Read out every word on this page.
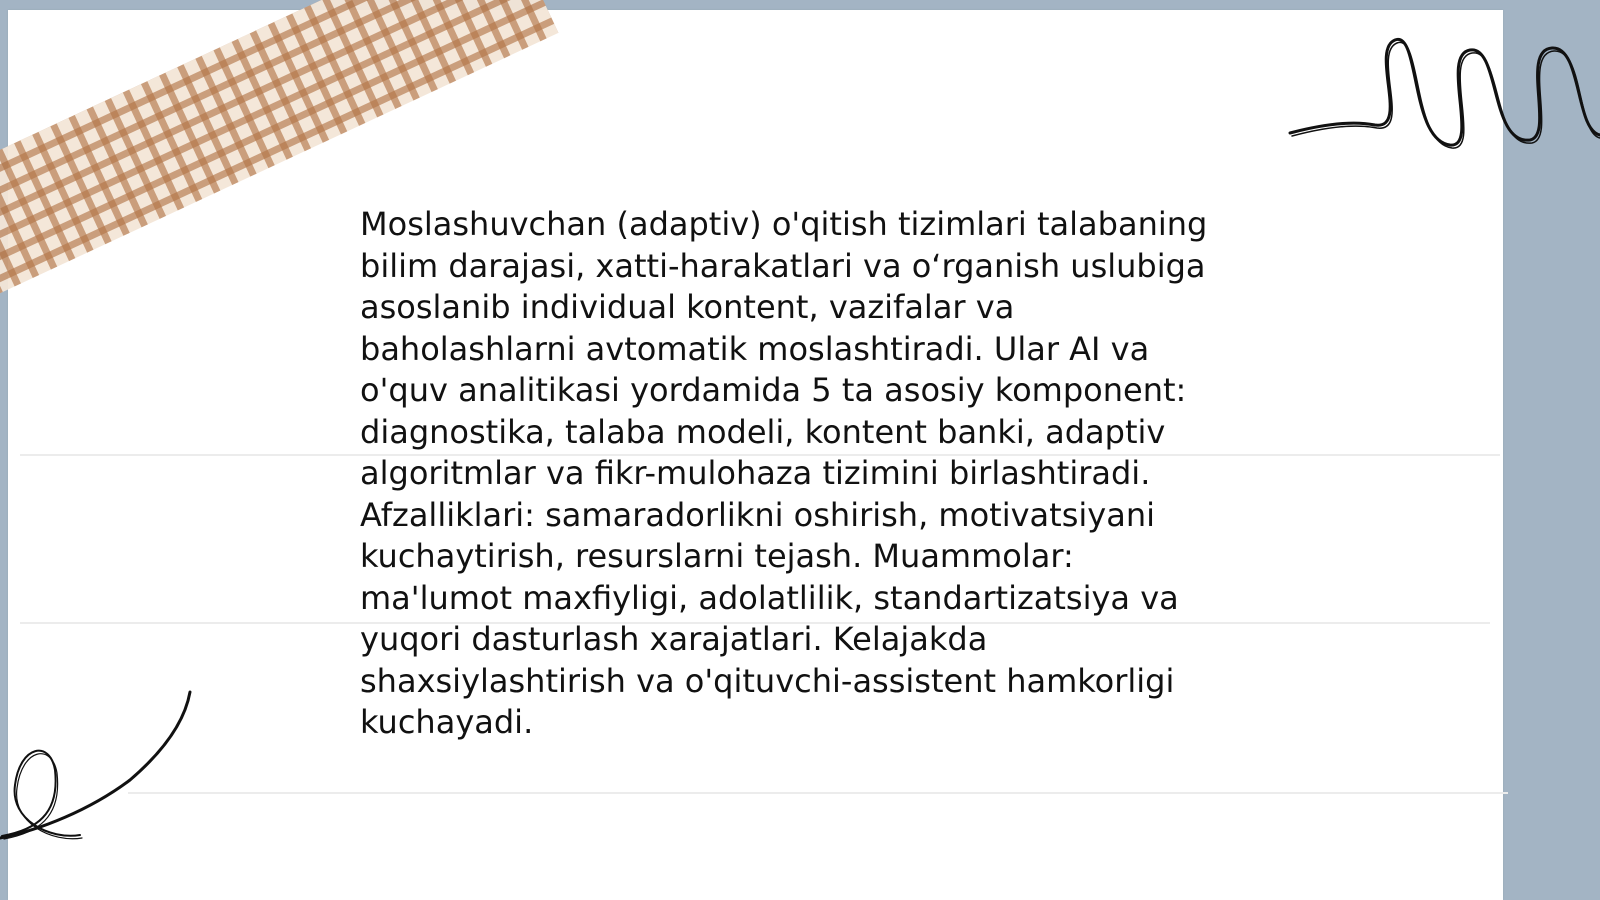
Moslashuvchan (adaptiv) o'qitish tizimlari talabaning
bilim darajasi, xatti-harakatlari va o‘rganish uslubiga
asoslanib individual kontent, vazifalar va
baholashlarni avtomatik moslashtiradi. Ular AI va
o'quv analitikasi yordamida 5 ta asosiy komponent:
diagnostika, talaba modeli, kontent banki, adaptiv
algoritmlar va fikr-mulohaza tizimini birlashtiradi.
Afzalliklari: samaradorlikni oshirish, motivatsiyani
kuchaytirish, resurslarni tejash. Muammolar:
ma'lumot maxfiyligi, adolatlilik, standartizatsiya va
yuqori dasturlash xarajatlari. Kelajakda
shaxsiylashtirish va o'qituvchi-assistent hamkorligi
kuchayadi.
